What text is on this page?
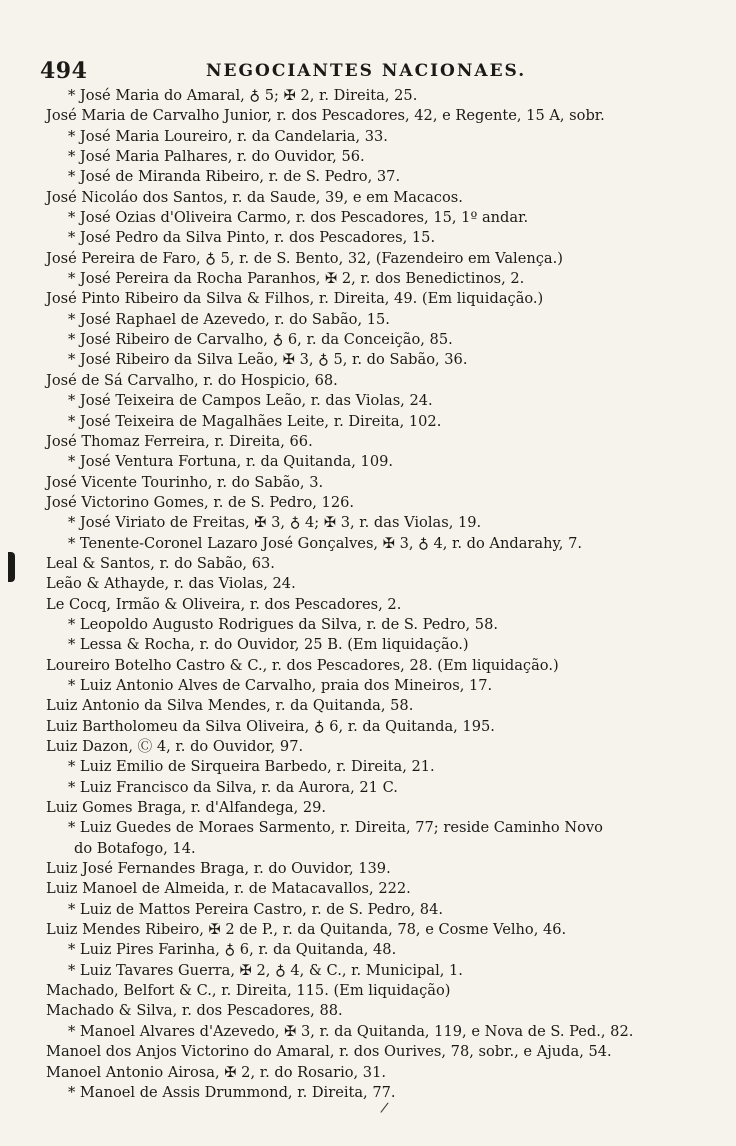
494	NEGOCIANTES NACIONAES.
* José Maria do Amaral, ♁ 5; ✠ 2, r. Direita, 25.
José Maria de Carvalho Junior, r. dos Pescadores, 42, e Regente, 15 A, sobr.
* José Maria Loureiro, r. da Candelaria, 33.
* José Maria Palhares, r. do Ouvidor, 56.
* José de Miranda Ribeiro, r. de S. Pedro, 37.
José Nicoláo dos Santos, r. da Saude, 39, e em Macacos.
* José Ozias d'Oliveira Carmo, r. dos Pescadores, 15, 1º andar.
* José Pedro da Silva Pinto, r. dos Pescadores, 15.
José Pereira de Faro, ♁ 5, r. de S. Bento, 32, (Fazendeiro em Valença.)
* José Pereira da Rocha Paranhos, ✠ 2, r. dos Benedictinos, 2.
José Pinto Ribeiro da Silva & Filhos, r. Direita, 49. (Em liquidação.)
* José Raphael de Azevedo, r. do Sabão, 15.
* José Ribeiro de Carvalho, ♁ 6, r. da Conceição, 85.
* José Ribeiro da Silva Leão, ✠ 3, ♁ 5, r. do Sabão, 36.
José de Sá Carvalho, r. do Hospicio, 68.
* José Teixeira de Campos Leão, r. das Violas, 24.
* José Teixeira de Magalhães Leite, r. Direita, 102.
José Thomaz Ferreira, r. Direita, 66.
* José Ventura Fortuna, r. da Quitanda, 109.
José Vicente Tourinho, r. do Sabão, 3.
José Victorino Gomes, r. de S. Pedro, 126.
* José Viriato de Freitas, ✠ 3, ♁ 4; ✠ 3, r. das Violas, 19.
* Tenente-Coronel Lazaro José Gonçalves, ✠ 3, ♁ 4, r. do Andarahy, 7.
Leal & Santos, r. do Sabão, 63.
Leão & Athayde, r. das Violas, 24.
Le Cocq, Irmão & Oliveira, r. dos Pescadores, 2.
* Leopoldo Augusto Rodrigues da Silva, r. de S. Pedro, 58.
* Lessa & Rocha, r. do Ouvidor, 25 B. (Em liquidação.)
Loureiro Botelho Castro & C., r. dos Pescadores, 28. (Em liquidação.)
* Luiz Antonio Alves de Carvalho, praia dos Mineiros, 17.
Luiz Antonio da Silva Mendes, r. da Quitanda, 58.
Luiz Bartholomeu da Silva Oliveira, ♁ 6, r. da Quitanda, 195.
Luiz Dazon, Ⓒ 4, r. do Ouvidor, 97.
* Luiz Emilio de Sirqueira Barbedo, r. Direita, 21.
* Luiz Francisco da Silva, r. da Aurora, 21 C.
Luiz Gomes Braga, r. d'Alfandega, 29.
* Luiz Guedes de Moraes Sarmento, r. Direita, 77; reside Caminho Novo
do Botafogo, 14.
Luiz José Fernandes Braga, r. do Ouvidor, 139.
Luiz Manoel de Almeida, r. de Matacavallos, 222.
* Luiz de Mattos Pereira Castro, r. de S. Pedro, 84.
Luiz Mendes Ribeiro, ✠ 2 de P., r. da Quitanda, 78, e Cosme Velho, 46.
* Luiz Pires Farinha, ♁ 6, r. da Quitanda, 48.
* Luiz Tavares Guerra, ✠ 2, ♁ 4, & C., r. Municipal, 1.
Machado, Belfort & C., r. Direita, 115. (Em liquidação)
Machado & Silva, r. dos Pescadores, 88.
* Manoel Alvares d'Azevedo, ✠ 3, r. da Quitanda, 119, e Nova de S. Ped., 82.
Manoel dos Anjos Victorino do Amaral, r. dos Ourives, 78, sobr., e Ajuda, 54.
Manoel Antonio Airosa, ✠ 2, r. do Rosario, 31.
* Manoel de Assis Drummond, r. Direita, 77.
/
